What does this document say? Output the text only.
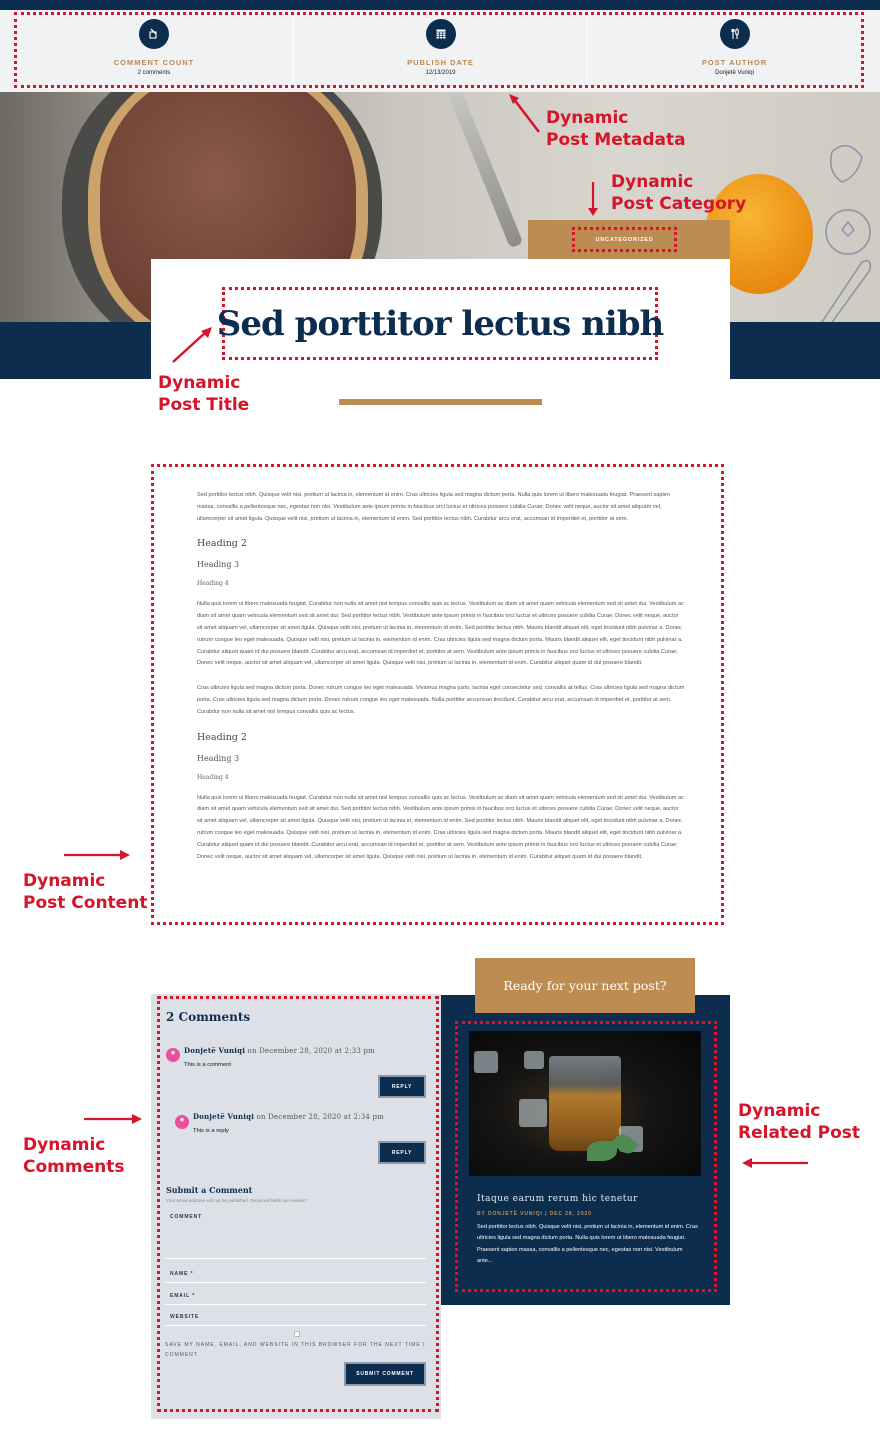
COMMENT COUNT
2 comments
PUBLISH DATE
12/13/2019
POST AUTHOR
Donjetë Vuniqi
UNCATEGORIZED
Sed porttitor lectus nibh
Dynamic
Post Metadata
Dynamic
Post Category
Dynamic
Post Title
Dynamic
Post Content
Dynamic
Comments
Dynamic
Related Post

Sed porttitor lectus nibh. Quisque velit nisi, pretium ut lacinia in, elementum id enim. Cras ultricies ligula sed magna dictum porta. Nulla quis lorem ut libero malesuada feugiat. Praesent sapien massa, convallis a pellentesque nec, egestas non nisi. Vestibulum ante ipsum primis in faucibus orci luctus et ultrices posuere cubilia Curae; Donec velit neque, auctor sit amet aliquam vel, ullamcorper sit amet ligula. Quisque velit nisi, pretium ut lacinia in, elementum id enim. Sed porttitor lectus nibh. Curabitur arcu erat, accumsan id imperdiet et, porttitor at sem.

Heading 2
Heading 3
Heading 4

Nulla quis lorem ut libero malesuada feugiat. Curabitur non nulla sit amet nisl tempus convallis quis ac lectus. Vestibulum ac diam sit amet quam vehicula elementum sed sit amet dui. Vestibulum ac diam sit amet quam vehicula elementum sed sit amet dui. Sed porttitor lectus nibh. Vestibulum ante ipsum primis in faucibus orci luctus et ultrices posuere cubilia Curae; Donec velit neque, auctor sit amet aliquam vel, ullamcorper sit amet ligula. Quisque velit nisi, pretium ut lacinia in, elementum id enim. Sed porttitor lectus nibh. Mauris blandit aliquet elit, eget tincidunt nibh pulvinar a. Donec rutrum congue leo eget malesuada. Quisque velit nisi, pretium ut lacinia in, elementum id enim. Cras ultricies ligula sed magna dictum porta. Mauris blandit aliquet elit, eget tincidunt nibh pulvinar a. Curabitur aliquet quam id dui posuere blandit. Curabitur arcu erat, accumsan id imperdiet et, porttitor at sem. Vestibulum ante ipsum primis in faucibus orci luctus et ultrices posuere cubilia Curae; Donec velit neque, auctor sit amet aliquam vel, ullamcorper sit amet ligula. Quisque velit nisi, pretium ut lacinia in, elementum id enim. Curabitur aliquet quam id dui posuere blandit.

Cras ultricies ligula sed magna dictum porta. Donec rutrum congue leo eget malesuada. Vivamus magna justo, lacinia eget consectetur sed, convallis at tellus. Cras ultricies ligula sed magna dictum porta. Cras ultricies ligula sed magna dictum porta. Donec rutrum congue leo eget malesuada. Nulla porttitor accumsan tincidunt. Curabitur arcu erat, accumsan id imperdiet et, porttitor at sem. Curabitur non nulla sit amet nisl tempus convallis quis ac lectus.

Heading 2
Heading 3
Heading 4

Nulla quis lorem ut libero malesuada feugiat. Curabitur non nulla sit amet nisl tempus convallis quis ac lectus. Vestibulum ac diam sit amet quam vehicula elementum sed sit amet dui. Vestibulum ac diam sit amet quam vehicula elementum sed sit amet dui. Sed porttitor lectus nibh. Vestibulum ante ipsum primis in faucibus orci luctus et ultrices posuere cubilia Curae; Donec velit neque, auctor sit amet aliquam vel, ullamcorper sit amet ligula. Quisque velit nisi, pretium ut lacinia in, elementum id enim. Sed porttitor lectus nibh. Mauris blandit aliquet elit, eget tincidunt nibh pulvinar a. Donec rutrum congue leo eget malesuada. Quisque velit nisi, pretium ut lacinia in, elementum id enim. Cras ultricies ligula sed magna dictum porta. Mauris blandit aliquet elit, eget tincidunt nibh pulvinar a. Curabitur aliquet quam id dui posuere blandit. Curabitur arcu erat, accumsan id imperdiet et, porttitor at sem. Vestibulum ante ipsum primis in faucibus orci luctus et ultrices posuere cubilia Curae; Donec velit neque, auctor sit amet aliquam vel, ullamcorper sit amet ligula. Quisque velit nisi, pretium ut lacinia in, elementum id enim. Curabitur aliquet quam id dui posuere blandit.

2 Comments
*	Donjetë Vuniqi on December 28, 2020 at 2:33 pm
This is a comment
REPLY
*	Donjetë Vuniqi on December 28, 2020 at 2:34 pm
This is a reply
REPLY
Submit a Comment
Your email address will not be published. Required fields are marked *
COMMENT
NAME *
EMAIL *
WEBSITE
SAVE MY NAME, EMAIL, AND WEBSITE IN THIS BROWSER FOR THE NEXT TIME I COMMENT.
SUBMIT COMMENT
Ready for your next post?
Itaque earum rerum hic tenetur
BY DONJETË VUNIQI | DEC 28, 2020
Sed porttitor lectus nibh. Quisque velit nisi, pretium ut lacinia in, elementum id enim. Cras ultricies ligula sed magna dictum porta. Nulla quis lorem ut libero malesuada feugiat. Praesent sapien massa, convallis a pellentesque nec, egestas non nisi. Vestibulum ante...
